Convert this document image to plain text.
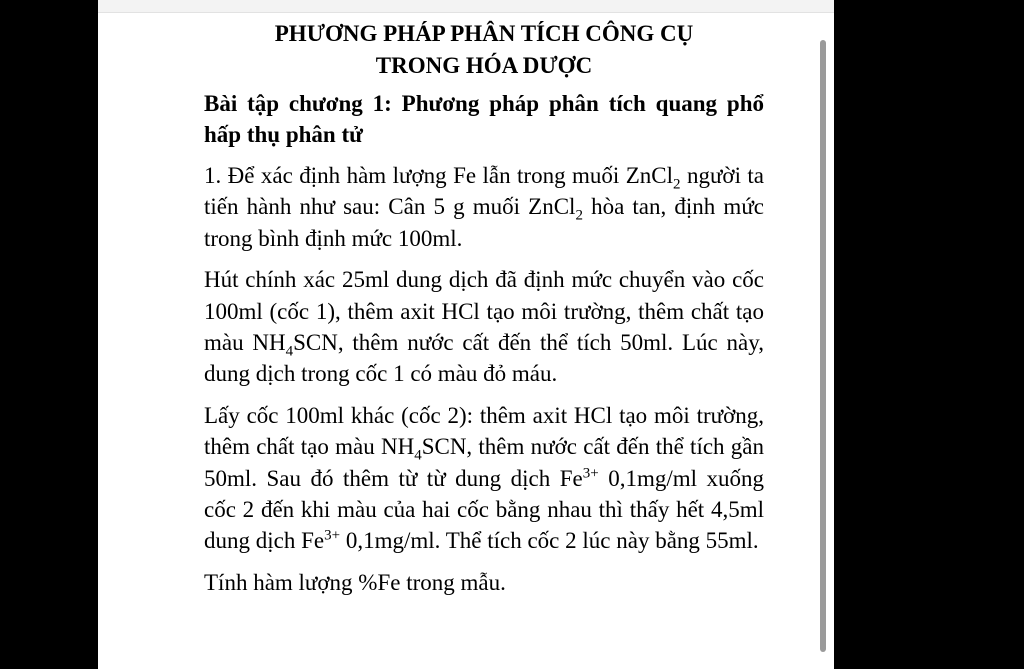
PHƯƠNG PHÁP PHÂN TÍCH CÔNG CỤ
TRONG HÓA DƯỢC

Bài tập chương 1: Phương pháp phân tích quang phổ hấp thụ phân tử

1. Để xác định hàm lượng Fe lẫn trong muối ZnCl$_2$ người ta tiến hành như sau: Cân 5 g muối ZnCl$_2$ hòa tan, định mức trong bình định mức 100ml.

Hút chính xác 25ml dung dịch đã định mức chuyển vào cốc 100ml (cốc 1), thêm axit HCl tạo môi trường, thêm chất tạo màu $NH_4SCN$, thêm nước cất đến thể tích 50ml. Lúc này, dung dịch trong cốc 1 có màu đỏ máu.

Lấy cốc 100ml khác (cốc 2): thêm axit HCl tạo môi trường, thêm chất tạo màu $NH_4SCN$, thêm nước cất đến thể tích gần 50ml. Sau đó thêm từ từ dung dịch $Fe^{3+}$ 0,1mg/ml xuống cốc 2 đến khi màu của hai cốc bằng nhau thì thấy hết 4,5ml dung dịch $Fe^{3+}$ 0,1mg/ml. Thể tích cốc 2 lúc này bằng 55ml.

Tính hàm lượng %Fe trong mẫu.
